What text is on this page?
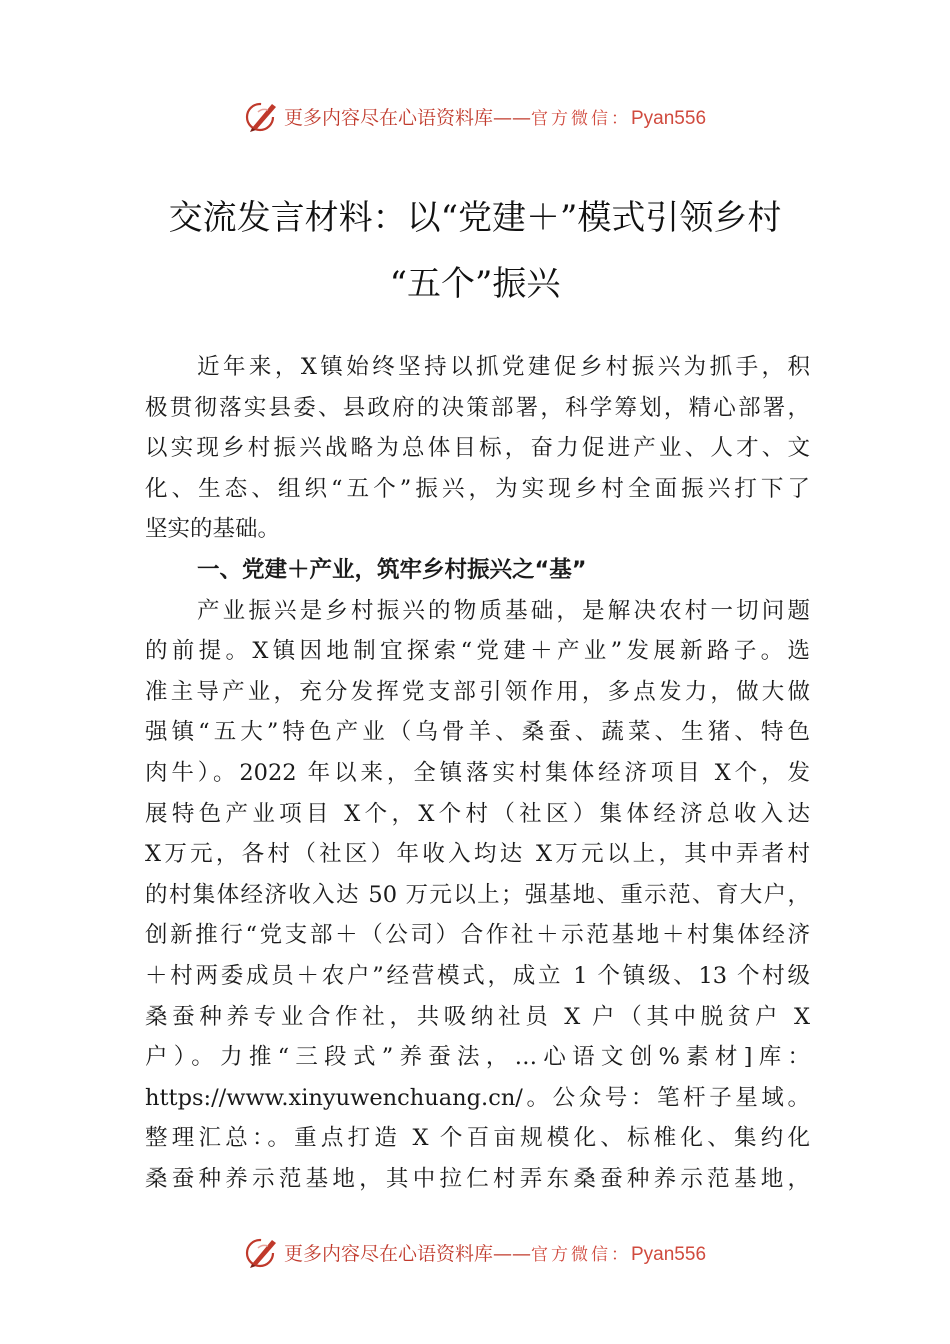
更多内容尽在心语资料库——官方微信：Pyan556
交流发言材料：以“党建＋”模式引领乡村
“五个”振兴
近年来，X镇始终坚持以抓党建促乡村振兴为抓手，积
极贯彻落实县委、县政府的决策部署，科学筹划，精心部署，
以实现乡村振兴战略为总体目标，奋力促进产业、人才、文
化、生态、组织“五个”振兴，为实现乡村全面振兴打下了
坚实的基础。
一、党建＋产业，筑牢乡村振兴之“基”
产业振兴是乡村振兴的物质基础，是解决农村一切问题
的前提。X镇因地制宜探索“党建＋产业”发展新路子。选
准主导产业，充分发挥党支部引领作用，多点发力，做大做
强镇“五大”特色产业（乌骨羊、桑蚕、蔬菜、生猪、特色
肉牛）。2022 年以来，全镇落实村集体经济项目 X个，发
展特色产业项目 X个，X个村（社区）集体经济总收入达
X万元，各村（社区）年收入均达 X万元以上，其中弄者村
的村集体经济收入达 50 万元以上；强基地、重示范、育大户，
创新推行“党支部＋（公司）合作社＋示范基地＋村集体经济
＋村两委成员＋农户”经营模式，成立 1 个镇级、13 个村级
桑蚕种养专业合作社，共吸纳社员 X 户（其中脱贫户 X
户）。力推“三段式”养蚕法，…心语文创%素材]库：
https://www.xinyuwenchuang.cn/。公众号：笔杆子星域。
整理汇总：。重点打造 X 个百亩规模化、标椎化、集约化
桑蚕种养示范基地，其中拉仁村弄东桑蚕种养示范基地，
更多内容尽在心语资料库——官方微信：Pyan556
